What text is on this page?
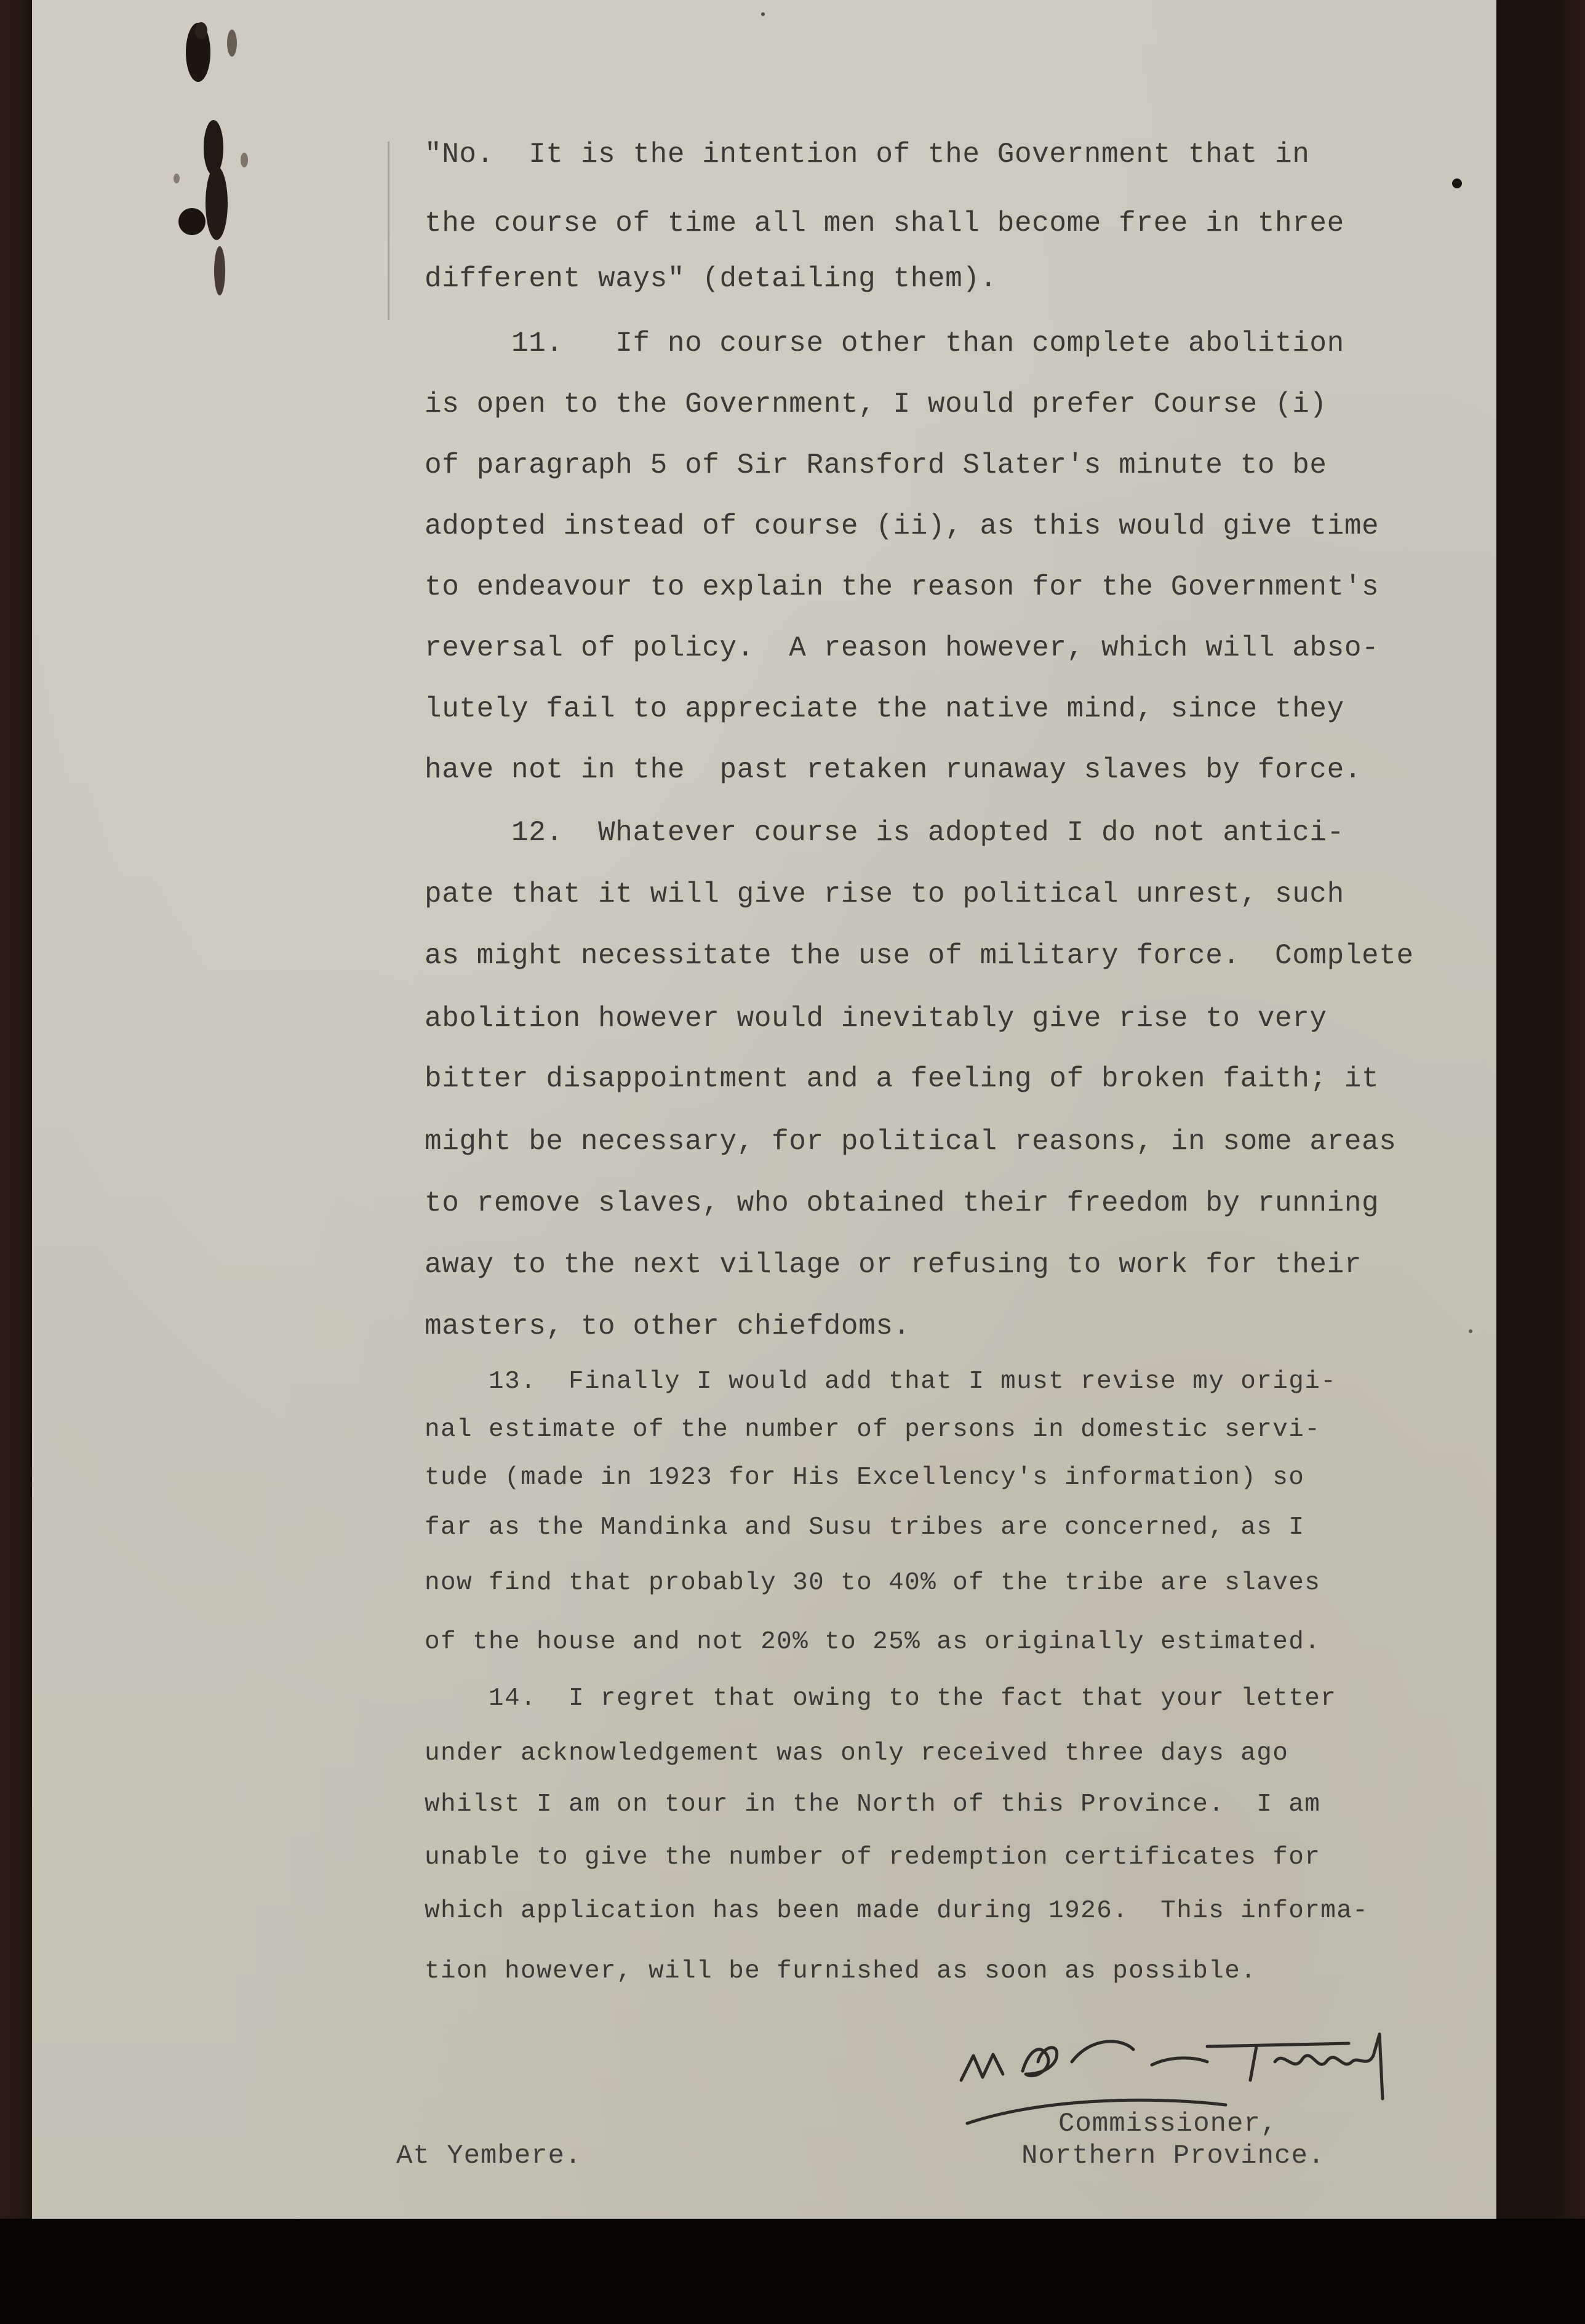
"No.  It is the intention of the Government that in
the course of time all men shall become free in three
different ways" (detailing them).
11.   If no course other than complete abolition
is open to the Government, I would prefer Course (i)
of paragraph 5 of Sir Ransford Slater's minute to be
adopted instead of course (ii), as this would give time
to endeavour to explain the reason for the Government's
reversal of policy.  A reason however, which will abso-
lutely fail to appreciate the native mind, since they
have not in the  past retaken runaway slaves by force.
12.  Whatever course is adopted I do not antici-
pate that it will give rise to political unrest, such
as might necessitate the use of military force.  Complete
abolition however would inevitably give rise to very
bitter disappointment and a feeling of broken faith; it
might be necessary, for political reasons, in some areas
to remove slaves, who obtained their freedom by running
away to the next village or refusing to work for their
masters, to other chiefdoms.
13.  Finally I would add that I must revise my origi-
nal estimate of the number of persons in domestic servi-
tude (made in 1923 for His Excellency's information) so
far as the Mandinka and Susu tribes are concerned, as I
now find that probably 30 to 40% of the tribe are slaves
of the house and not 20% to 25% as originally estimated.
14.  I regret that owing to the fact that your letter
under acknowledgement was only received three days ago
whilst I am on tour in the North of this Province.  I am
unable to give the number of redemption certificates for
which application has been made during 1926.  This informa-
tion however, will be furnished as soon as possible.
Commissioner,
Northern Province.
At Yembere.
